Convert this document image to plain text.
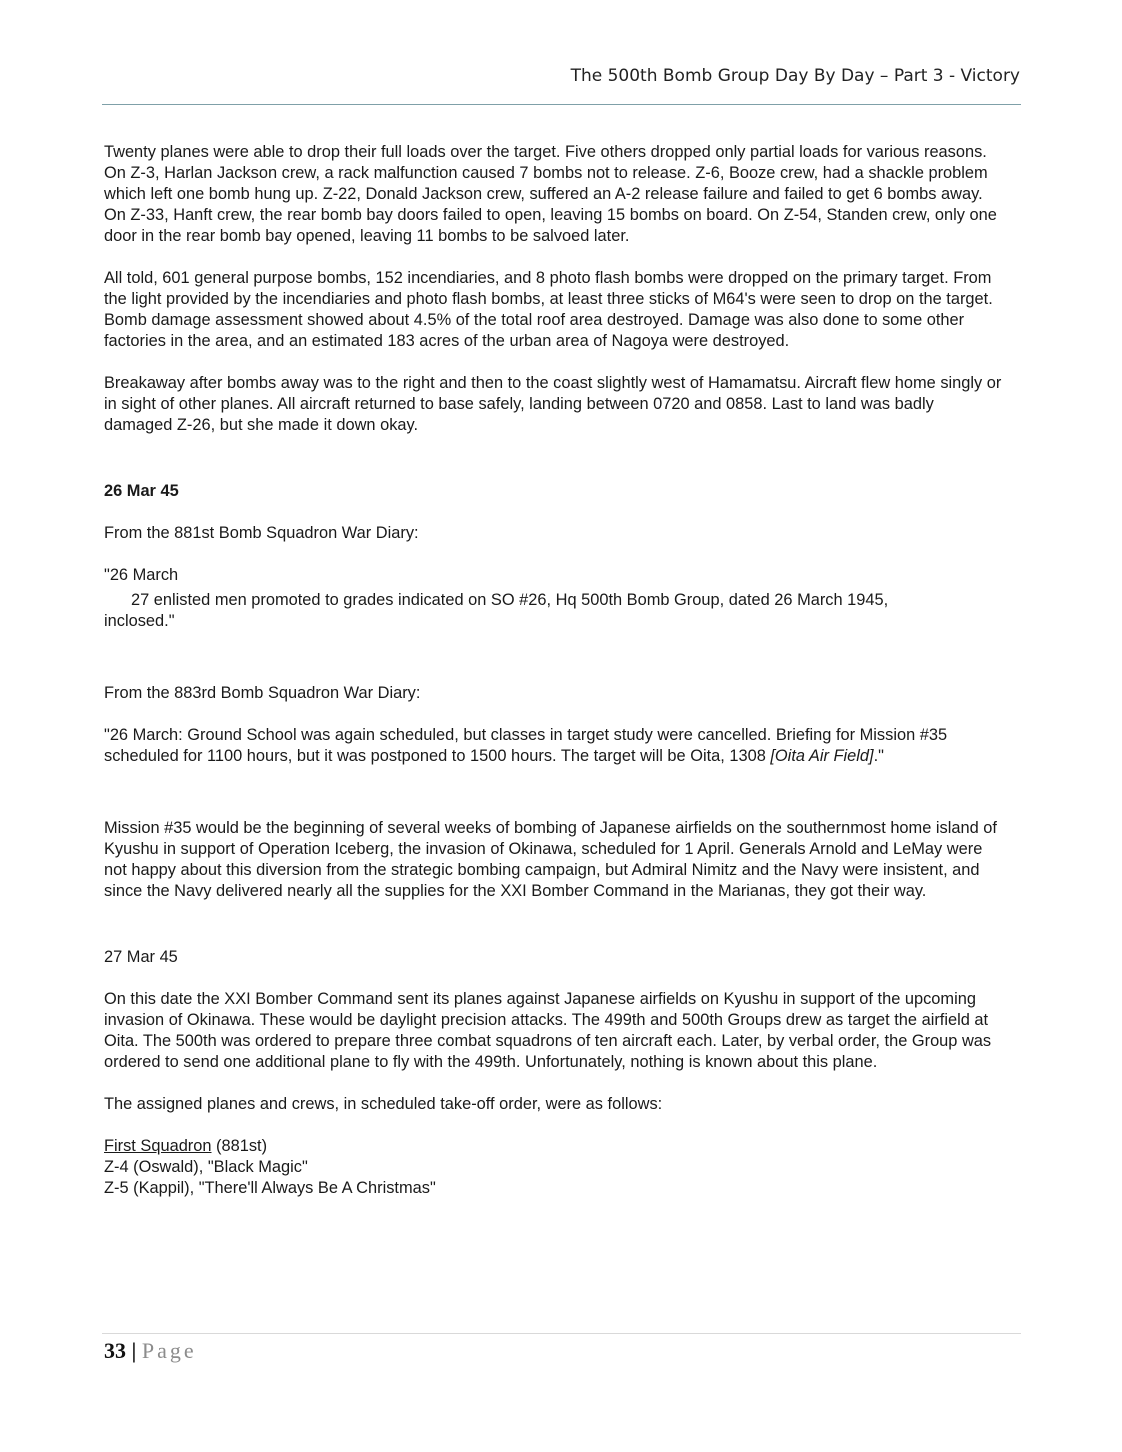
The 500th Bomb Group Day By Day – Part 3 - Victory

Twenty planes were able to drop their full loads over the target. Five others dropped only partial loads for various reasons. On Z-3, Harlan Jackson crew, a rack malfunction caused 7 bombs not to release. Z-6, Booze crew, had a shackle problem which left one bomb hung up. Z-22, Donald Jackson crew, suffered an A-2 release failure and failed to get 6 bombs away. On Z-33, Hanft crew, the rear bomb bay doors failed to open, leaving 15 bombs on board. On Z-54, Standen crew, only one door in the rear bomb bay opened, leaving 11 bombs to be salvoed later.

All told, 601 general purpose bombs, 152 incendiaries, and 8 photo flash bombs were dropped on the primary target. From the light provided by the incendiaries and photo flash bombs, at least three sticks of M64's were seen to drop on the target. Bomb damage assessment showed about 4.5% of the total roof area destroyed. Damage was also done to some other factories in the area, and an estimated 183 acres of the urban area of Nagoya were destroyed.

Breakaway after bombs away was to the right and then to the coast slightly west of Hamamatsu. Aircraft flew home singly or in sight of other planes. All aircraft returned to base safely, landing between 0720 and 0858. Last to land was badly damaged Z-26, but she made it down okay.

26 Mar 45

From the 881st Bomb Squadron War Diary:

"26 March

27 enlisted men promoted to grades indicated on SO #26, Hq 500th Bomb Group, dated 26 March 1945,

inclosed."

From the 883rd Bomb Squadron War Diary:

"26 March: Ground School was again scheduled, but classes in target study were cancelled. Briefing for Mission #35 scheduled for 1100 hours, but it was postponed to 1500 hours. The target will be Oita, 1308 [Oita Air Field]."

Mission #35 would be the beginning of several weeks of bombing of Japanese airfields on the southernmost home island of Kyushu in support of Operation Iceberg, the invasion of Okinawa, scheduled for 1 April. Generals Arnold and LeMay were not happy about this diversion from the strategic bombing campaign, but Admiral Nimitz and the Navy were insistent, and since the Navy delivered nearly all the supplies for the XXI Bomber Command in the Marianas, they got their way.

27 Mar 45

On this date the XXI Bomber Command sent its planes against Japanese airfields on Kyushu in support of the upcoming invasion of Okinawa. These would be daylight precision attacks. The 499th and 500th Groups drew as target the airfield at Oita. The 500th was ordered to prepare three combat squadrons of ten aircraft each. Later, by verbal order, the Group was ordered to send one additional plane to fly with the 499th. Unfortunately, nothing is known about this plane.

The assigned planes and crews, in scheduled take-off order, were as follows:

First Squadron (881st)

Z-4 (Oswald), "Black Magic"

Z-5 (Kappil), "There'll Always Be A Christmas"

33 | Page
